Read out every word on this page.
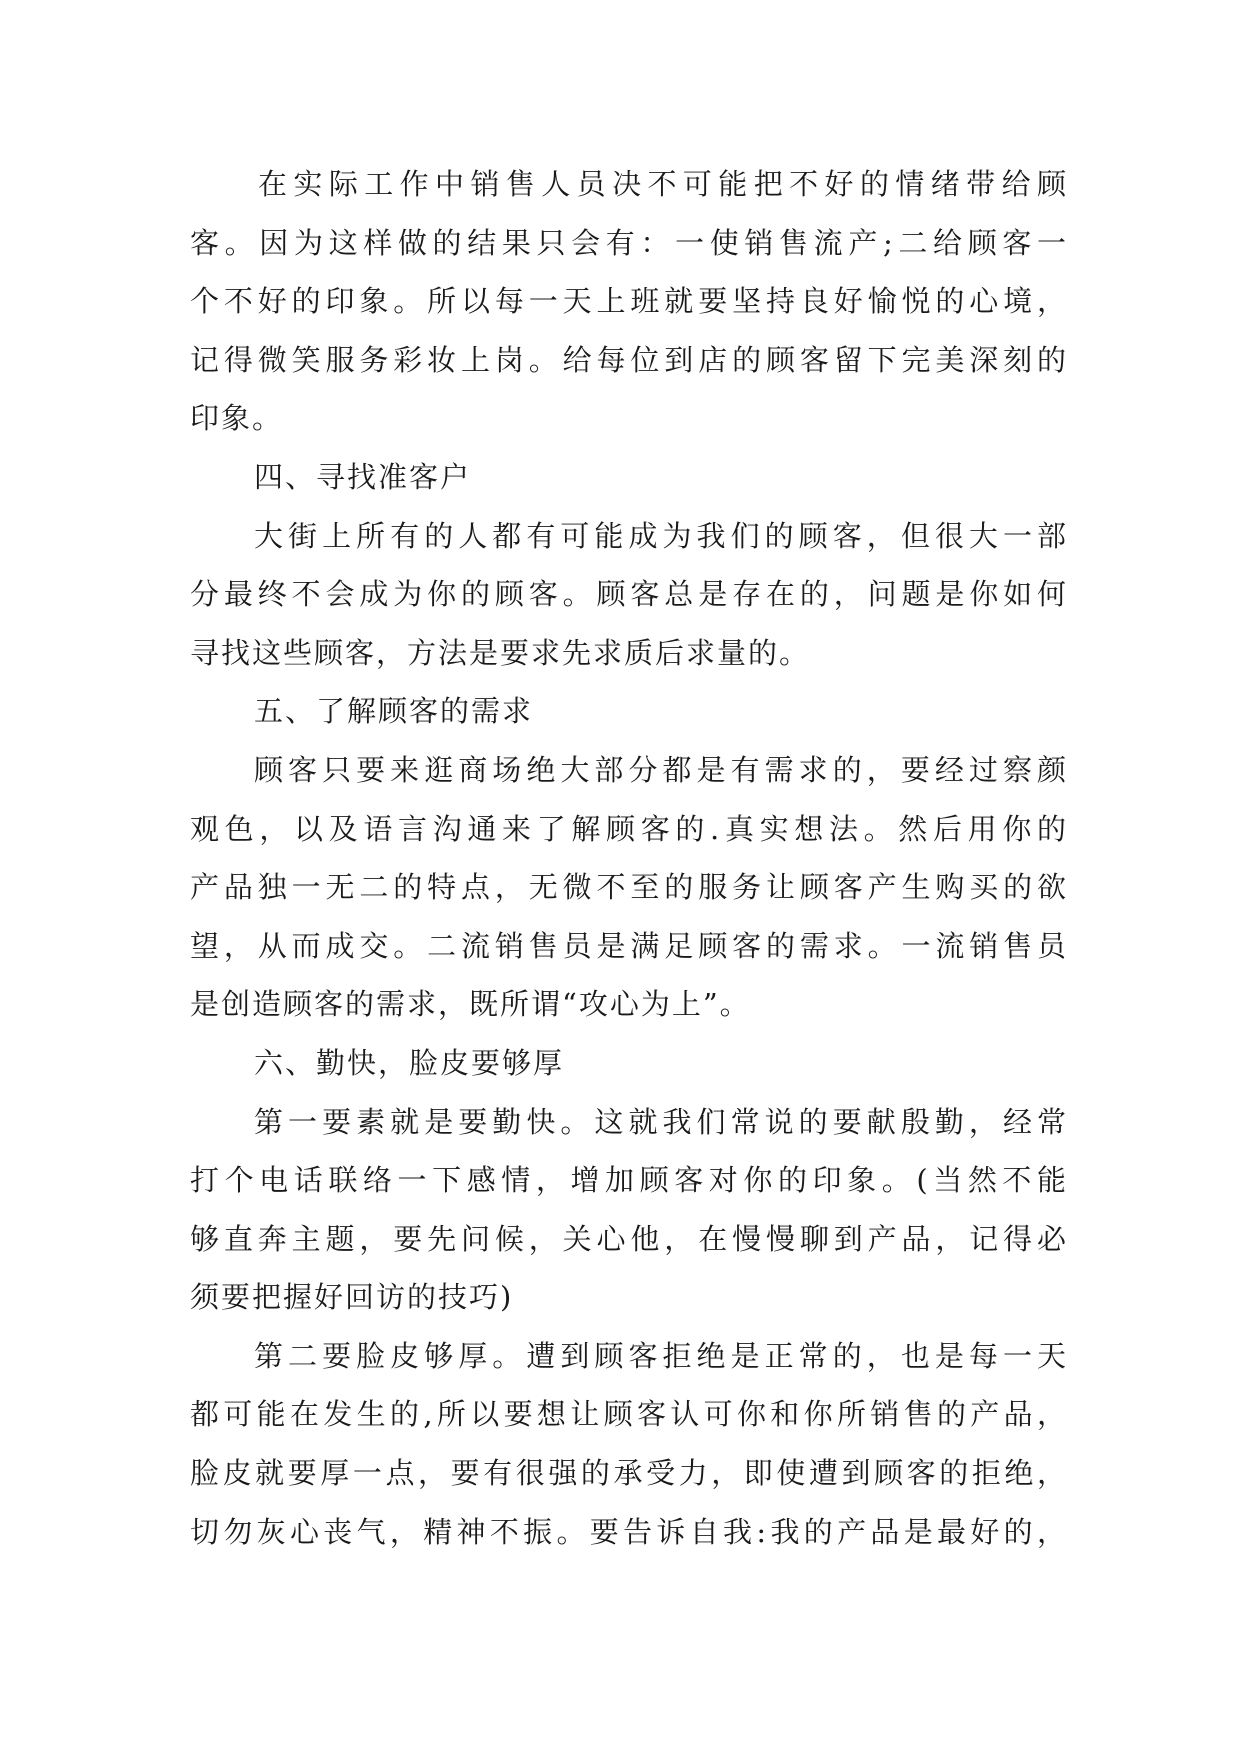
在实际工作中销售人员决不可能把不好的情绪带给顾
客。因为这样做的结果只会有：一使销售流产;二给顾客一
个不好的印象。所以每一天上班就要坚持良好愉悦的心境，
记得微笑服务彩妆上岗。给每位到店的顾客留下完美深刻的
印象。
四、寻找准客户
大街上所有的人都有可能成为我们的顾客，但很大一部
分最终不会成为你的顾客。顾客总是存在的，问题是你如何
寻找这些顾客，方法是要求先求质后求量的。
五、了解顾客的需求
顾客只要来逛商场绝大部分都是有需求的，要经过察颜
观色，以及语言沟通来了解顾客的.真实想法。然后用你的
产品独一无二的特点，无微不至的服务让顾客产生购买的欲
望，从而成交。二流销售员是满足顾客的需求。一流销售员
是创造顾客的需求，既所谓“攻心为上”。
六、勤快，脸皮要够厚
第一要素就是要勤快。这就我们常说的要献殷勤，经常
打个电话联络一下感情，增加顾客对你的印象。(当然不能
够直奔主题，要先问候，关心他，在慢慢聊到产品，记得必
须要把握好回访的技巧)
第二要脸皮够厚。遭到顾客拒绝是正常的，也是每一天
都可能在发生的,所以要想让顾客认可你和你所销售的产品，
脸皮就要厚一点，要有很强的承受力，即使遭到顾客的拒绝，
切勿灰心丧气，精神不振。要告诉自我:我的产品是最好的，
